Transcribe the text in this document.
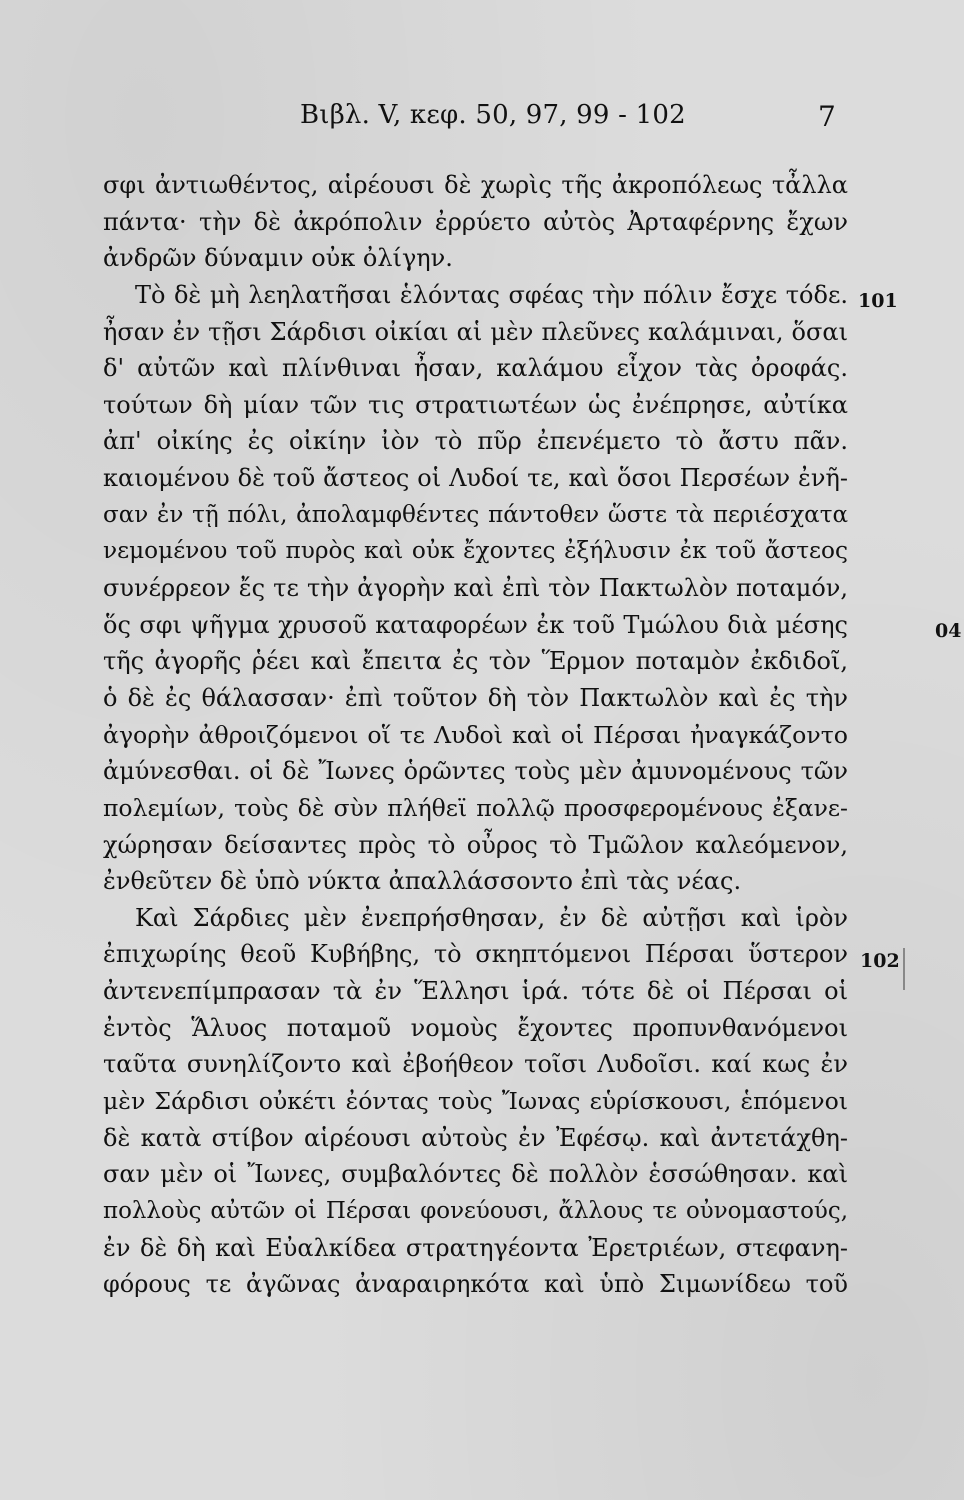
Βιβλ. V, κεφ. 50, 97, 99 - 102	7
101
04
102
σφι ἀντιωθέντος, αἱρέουσι δὲ χωρὶς τῆς ἀκροπόλεως τἆλλα
πάντα· τὴν δὲ ἀκρόπολιν ἐρρύετο αὐτὸς Ἀρταφέρνης ἔχων
ἀνδρῶν δύναμιν οὐκ ὀλίγην.
Τὸ δὲ μὴ λεηλατῆσαι ἑλόντας σφέας τὴν πόλιν ἔσχε τόδε.
ἦσαν ἐν τῇσι Σάρδισι οἰκίαι αἱ μὲν πλεῦνες καλάμιναι, ὅσαι
δ' αὐτῶν καὶ πλίνθιναι ἦσαν, καλάμου εἶχον τὰς ὀροφάς.
τούτων δὴ μίαν τῶν τις στρατιωτέων ὡς ἐνέπρησε, αὐτίκα
ἀπ' οἰκίης ἐς οἰκίην ἰὸν τὸ πῦρ ἐπενέμετο τὸ ἄστυ πᾶν.
καιομένου δὲ τοῦ ἄστεος οἱ Λυδοί τε, καὶ ὅσοι Περσέων ἐνῆ-
σαν ἐν τῇ πόλι, ἀπολαμφθέντες πάντοθεν ὥστε τὰ περιέσχατα
νεμομένου τοῦ πυρὸς καὶ οὐκ ἔχοντες ἐξήλυσιν ἐκ τοῦ ἄστεος
συνέρρεον ἔς τε τὴν ἀγορὴν καὶ ἐπὶ τὸν Πακτωλὸν ποταμόν,
ὅς σφι ψῆγμα χρυσοῦ καταφορέων ἐκ τοῦ Τμώλου διὰ μέσης
τῆς ἀγορῆς ῥέει καὶ ἔπειτα ἐς τὸν Ἕρμον ποταμὸν ἐκδιδοῖ,
ὁ δὲ ἐς θάλασσαν· ἐπὶ τοῦτον δὴ τὸν Πακτωλὸν καὶ ἐς τὴν
ἀγορὴν ἀθροιζόμενοι οἵ τε Λυδοὶ καὶ οἱ Πέρσαι ἠναγκάζοντο
ἀμύνεσθαι. οἱ δὲ Ἴωνες ὁρῶντες τοὺς μὲν ἀμυνομένους τῶν
πολεμίων, τοὺς δὲ σὺν πλήθεϊ πολλῷ προσφερομένους ἐξανε-
χώρησαν δείσαντες πρὸς τὸ οὖρος τὸ Τμῶλον καλεόμενον,
ἐνθεῦτεν δὲ ὑπὸ νύκτα ἀπαλλάσσοντο ἐπὶ τὰς νέας.
Καὶ Σάρδιες μὲν ἐνεπρήσθησαν, ἐν δὲ αὐτῇσι καὶ ἱρὸν
ἐπιχωρίης θεοῦ Κυβήβης, τὸ σκηπτόμενοι Πέρσαι ὕστερον
ἀντενεπίμπρασαν τὰ ἐν Ἕλλησι ἱρά. τότε δὲ οἱ Πέρσαι οἱ
ἐντὸς Ἅλυος ποταμοῦ νομοὺς ἔχοντες προπυνθανόμενοι
ταῦτα συνηλίζοντο καὶ ἐβοήθεον τοῖσι Λυδοῖσι. καί κως ἐν
μὲν Σάρδισι οὐκέτι ἐόντας τοὺς Ἴωνας εὑρίσκουσι, ἑπόμενοι
δὲ κατὰ στίβον αἱρέουσι αὐτοὺς ἐν Ἐφέσῳ. καὶ ἀντετάχθη-
σαν μὲν οἱ Ἴωνες, συμβαλόντες δὲ πολλὸν ἑσσώθησαν. καὶ
πολλοὺς αὐτῶν οἱ Πέρσαι φονεύουσι, ἄλλους τε οὐνομαστούς,
ἐν δὲ δὴ καὶ Εὐαλκίδεα στρατηγέοντα Ἐρετριέων, στεφανη-
φόρους τε ἀγῶνας ἀναραιρηκότα καὶ ὑπὸ Σιμωνίδεω τοῦ
